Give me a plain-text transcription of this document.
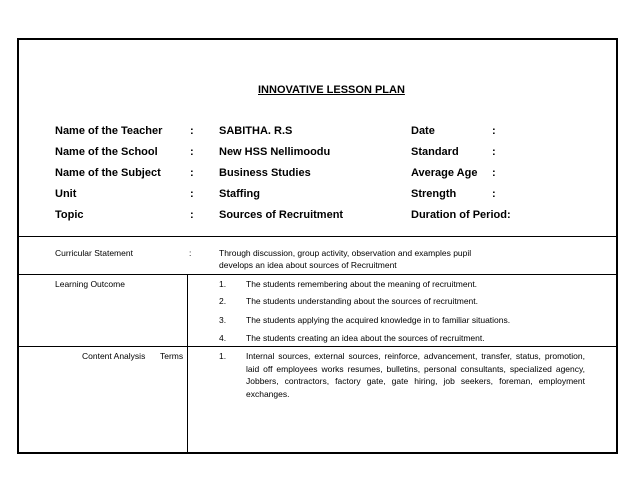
INNOVATIVE LESSON PLAN
Name of the Teacher	: SABITHA. R.S	Date	:
Name of the School	: New HSS Nellimoodu	Standard	:
Name of the Subject	: Business Studies	Average Age :
Unit	: Staffing	Strength	:
Topic	: Sources of Recruitment	Duration of Period:
Curricular Statement	:	Through discussion, group activity, observation and examples pupil
develops an idea about sources of Recruitment
Learning Outcome	1. The students remembering about the meaning of recruitment.
2. The students understanding about the sources of recruitment.
3. The students applying the acquired knowledge in to familiar situations.
4. The students creating an idea about the sources of recruitment.
Content Analysis Terms	1. Internal sources, external sources, reinforce, advancement, transfer, status, promotion, laid off employees works resumes, bulletins, personal consultants, specialized agency, Jobbers, contractors, factory gate, gate hiring, job seekers, foreman, employment exchanges.
